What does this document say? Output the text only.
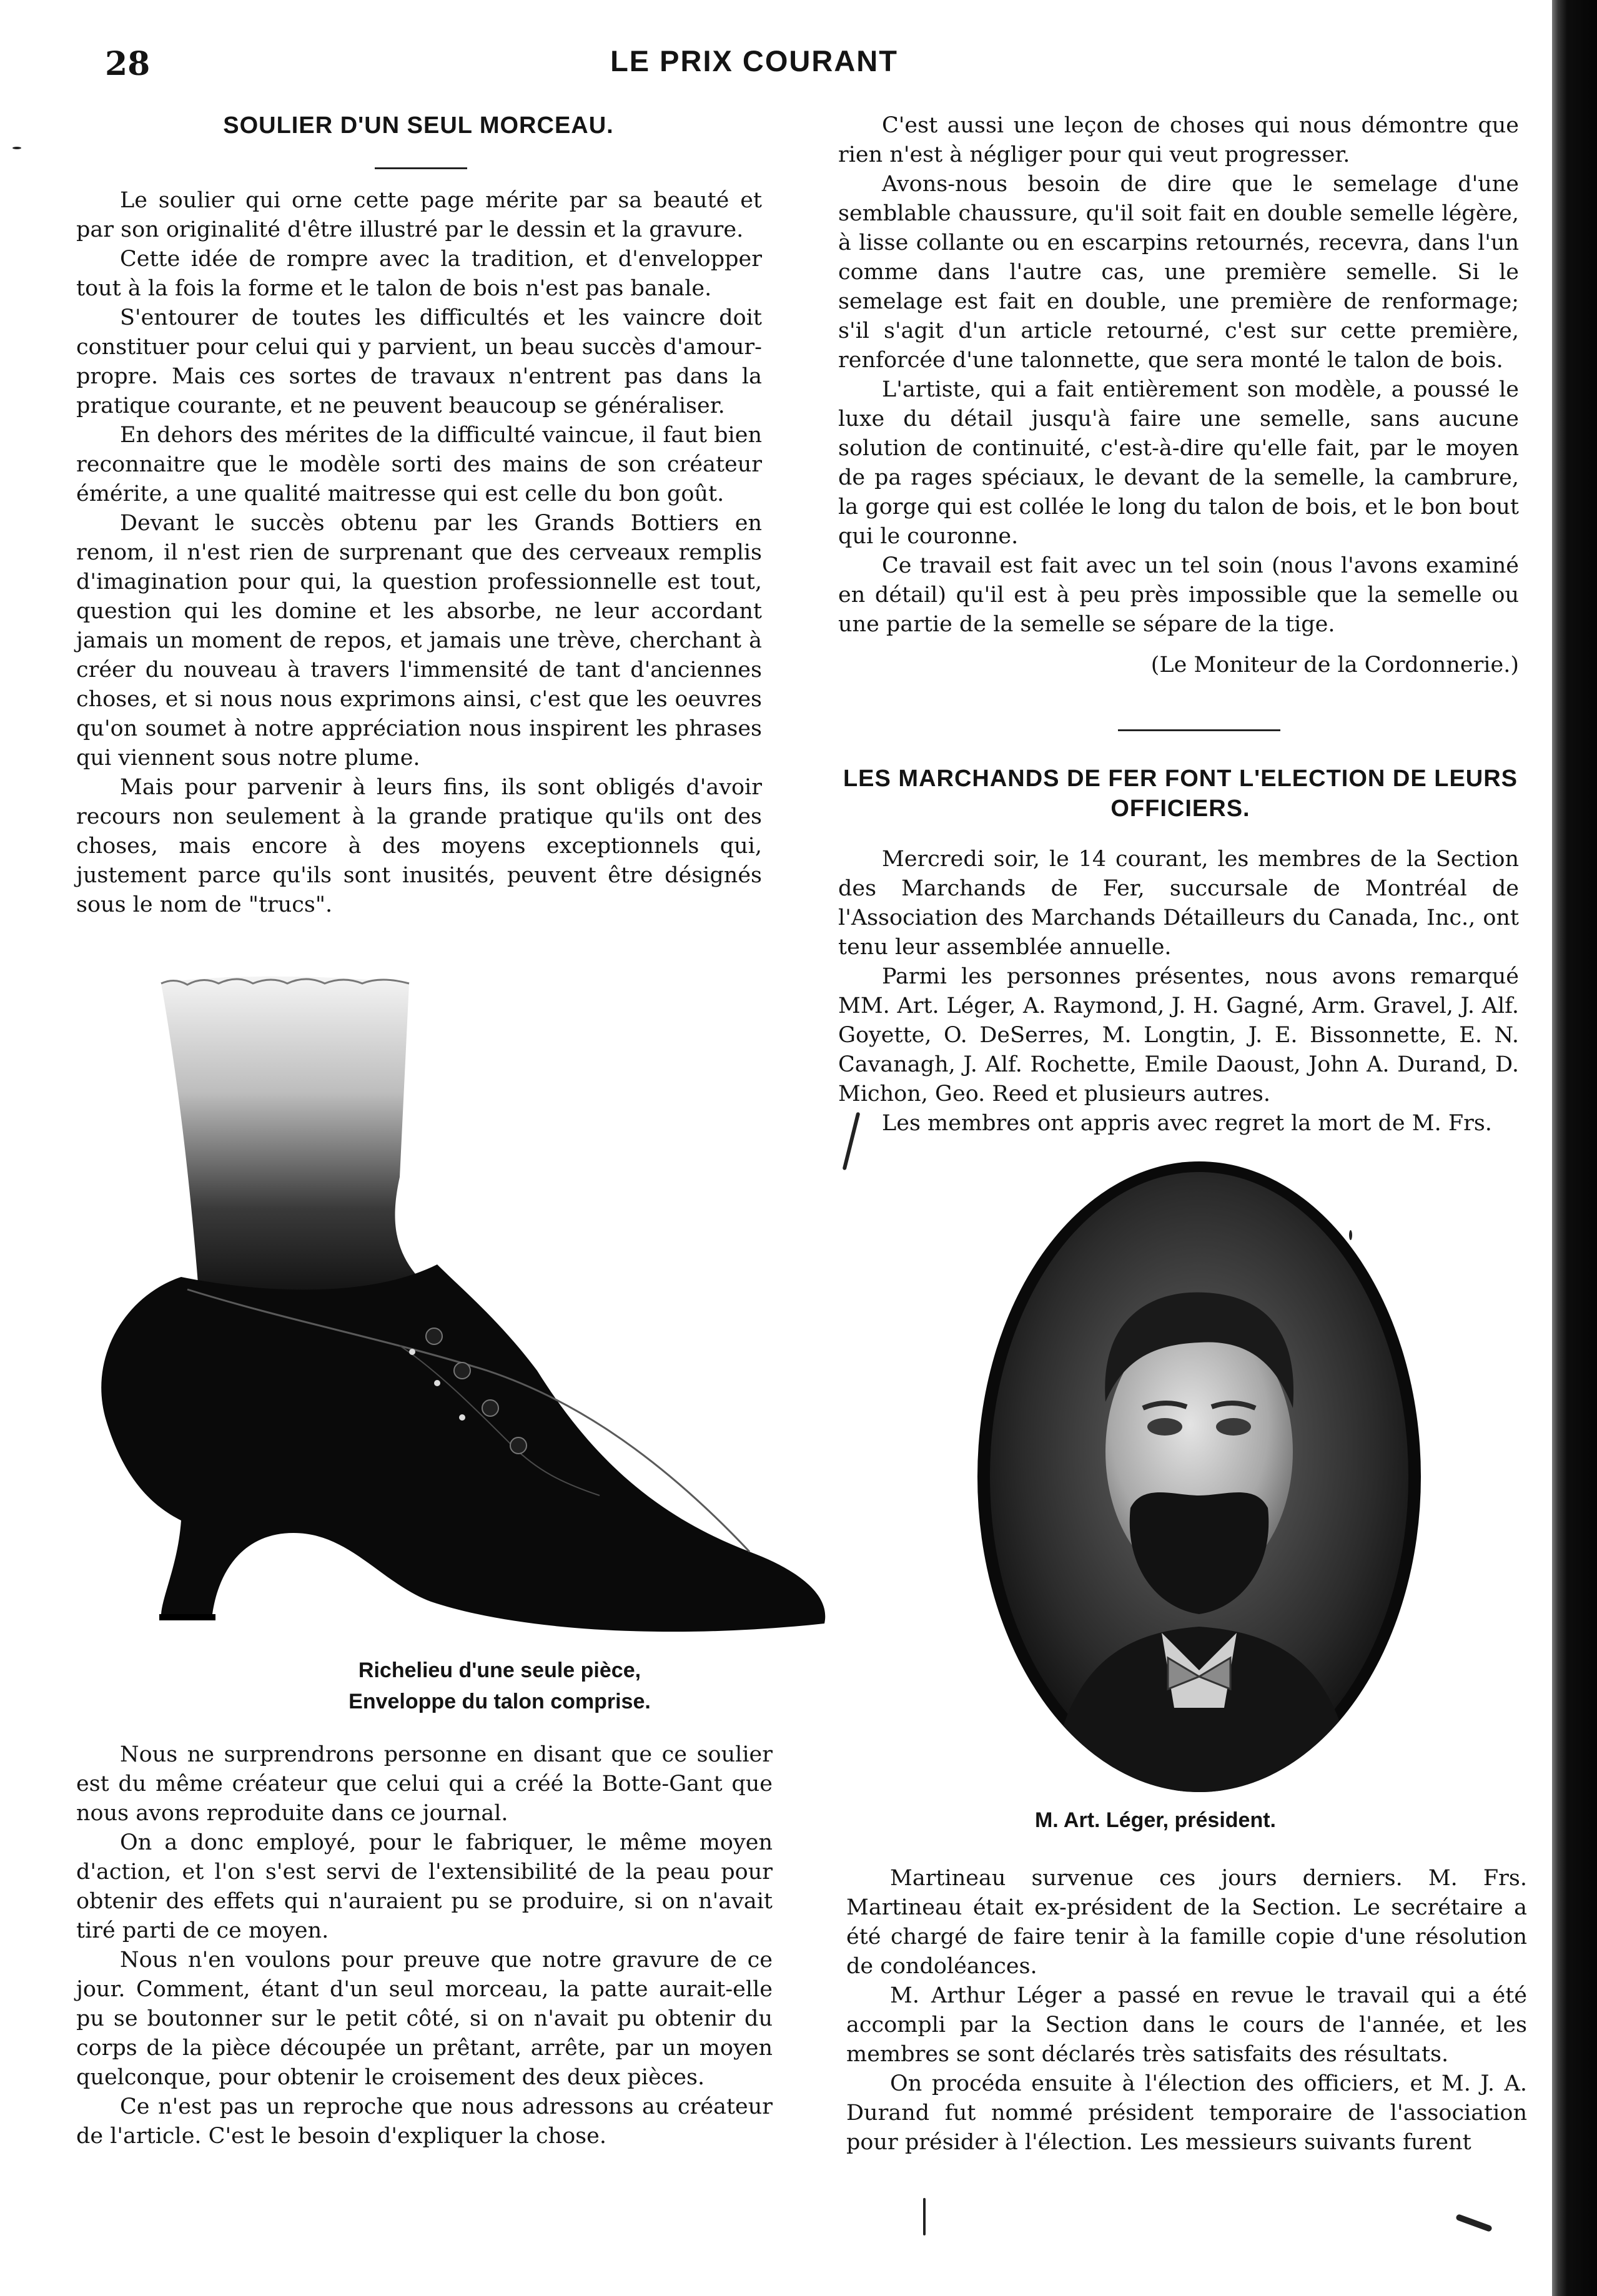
28	LE PRIX COURANT
SOULIER D'UN SEUL MORCEAU.

Le soulier qui orne cette page mérite par sa beauté et par son originalité d'être illustré par le dessin et la gravure.

Cette idée de rompre avec la tradition, et d'envelopper tout à la fois la forme et le talon de bois n'est pas banale.

S'entourer de toutes les difficultés et les vaincre doit constituer pour celui qui y parvient, un beau succès d'amour-propre. Mais ces sortes de travaux n'entrent pas dans la pratique courante, et ne peuvent beaucoup se généraliser.

En dehors des mérites de la difficulté vaincue, il faut bien reconnaitre que le modèle sorti des mains de son créateur émérite, a une qualité maitresse qui est celle du bon goût.

Devant le succès obtenu par les Grands Bottiers en renom, il n'est rien de surprenant que des cerveaux remplis d'imagination pour qui, la question professionnelle est tout, question qui les domine et les absorbe, ne leur accordant jamais un moment de repos, et jamais une trève, cherchant à créer du nouveau à travers l'immensité de tant d'anciennes choses, et si nous nous exprimons ainsi, c'est que les oeuvres qu'on soumet à notre appréciation nous inspirent les phrases qui viennent sous notre plume.

Mais pour parvenir à leurs fins, ils sont obligés d'avoir recours non seulement à la grande pratique qu'ils ont des choses, mais encore à des moyens exceptionnels qui, justement parce qu'ils sont inusités, peuvent être désignés sous le nom de "trucs".

Richelieu d'une seule pièce,
Enveloppe du talon comprise.

Nous ne surprendrons personne en disant que ce soulier est du même créateur que celui qui a créé la Botte-Gant que nous avons reproduite dans ce journal.

On a donc employé, pour le fabriquer, le même moyen d'action, et l'on s'est servi de l'extensibilité de la peau pour obtenir des effets qui n'auraient pu se produire, si on n'avait tiré parti de ce moyen.

Nous n'en voulons pour preuve que notre gravure de ce jour. Comment, étant d'un seul morceau, la patte aurait-elle pu se boutonner sur le petit côté, si on n'avait pu obtenir du corps de la pièce découpée un prêtant, arrête, par un moyen quelconque, pour obtenir le croisement des deux pièces.

Ce n'est pas un reproche que nous adressons au créateur de l'article. C'est le besoin d'expliquer la chose.

C'est aussi une leçon de choses qui nous démontre que rien n'est à négliger pour qui veut progresser.

Avons-nous besoin de dire que le semelage d'une semblable chaussure, qu'il soit fait en double semelle légère, à lisse collante ou en escarpins retournés, recevra, dans l'un comme dans l'autre cas, une première semelle. Si le semelage est fait en double, une première de renformage; s'il s'agit d'un article retourné, c'est sur cette première, renforcée d'une talonnette, que sera monté le talon de bois.

L'artiste, qui a fait entièrement son modèle, a poussé le luxe du détail jusqu'à faire une semelle, sans aucune solution de continuité, c'est-à-dire qu'elle fait, par le moyen de pa rages spéciaux, le devant de la semelle, la cambrure, la gorge qui est collée le long du talon de bois, et le bon bout qui le couronne.

Ce travail est fait avec un tel soin (nous l'avons examiné en détail) qu'il est à peu près impossible que la semelle ou une partie de la semelle se sépare de la tige.

(Le Moniteur de la Cordonnerie.)

LES MARCHANDS DE FER FONT L'ELECTION DE LEURS OFFICIERS.

Mercredi soir, le 14 courant, les membres de la Section des Marchands de Fer, succursale de Montréal de l'Association des Marchands Détailleurs du Canada, Inc., ont tenu leur assemblée annuelle.

Parmi les personnes présentes, nous avons remarqué MM. Art. Léger, A. Raymond, J. H. Gagné, Arm. Gravel, J. Alf. Goyette, O. DeSerres, M. Longtin, J. E. Bissonnette, E. N. Cavanagh, J. Alf. Rochette, Emile Daoust, John A. Durand, D. Michon, Geo. Reed et plusieurs autres.

Les membres ont appris avec regret la mort de M. Frs.

M. Art. Léger, président.

Martineau survenue ces jours derniers. M. Frs. Martineau était ex-président de la Section. Le secrétaire a été chargé de faire tenir à la famille copie d'une résolution de condoléances.

M. Arthur Léger a passé en revue le travail qui a été accompli par la Section dans le cours de l'année, et les membres se sont déclarés très satisfaits des résultats.

On procéda ensuite à l'élection des officiers, et M. J. A. Durand fut nommé président temporaire de l'association pour présider à l'élection. Les messieurs suivants furent
